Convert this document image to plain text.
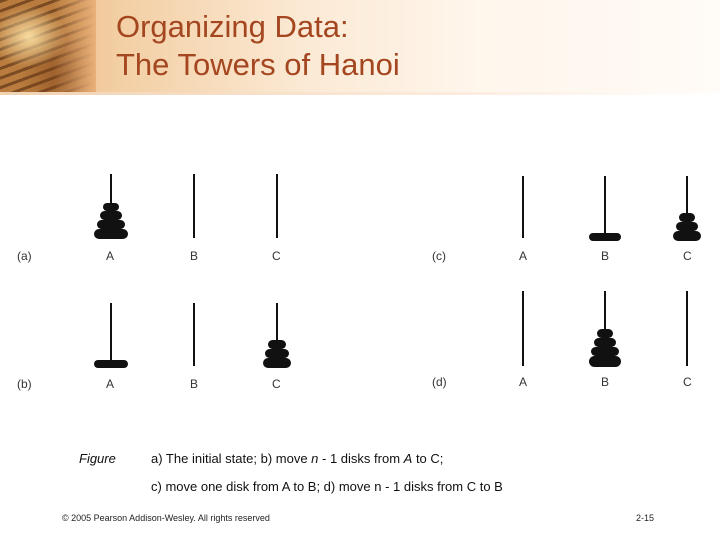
Organizing Data:
The Towers of Hanoi
(a)	A	B	C
(b)	A	B	C
(c)	A	B	C
(d)	A	B	C
Figure	a) The initial state; b) move n - 1 disks from A to C;
c) move one disk from A to B; d) move n - 1 disks from C to B
© 2005 Pearson Addison-Wesley. All rights reserved	2-15
